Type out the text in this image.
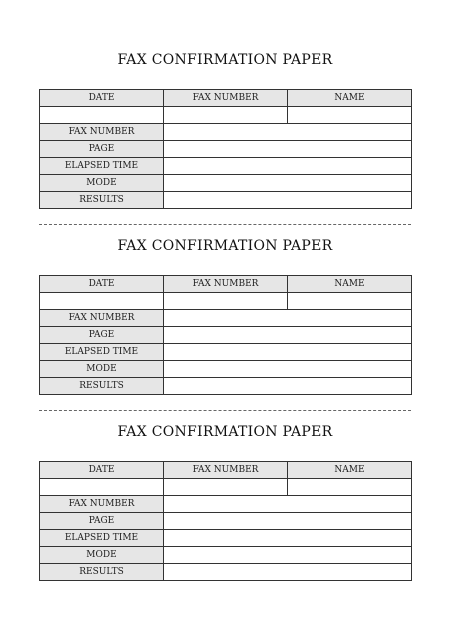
FAX CONFIRMATION PAPER
DATE	FAX NUMBER	NAME

FAX NUMBER		
PAGE		
ELAPSED TIME		
MODE		
RESULTS		
FAX CONFIRMATION PAPER
DATE	FAX NUMBER	NAME

FAX NUMBER		
PAGE		
ELAPSED TIME		
MODE		
RESULTS		
FAX CONFIRMATION PAPER
DATE	FAX NUMBER	NAME

FAX NUMBER		
PAGE		
ELAPSED TIME		
MODE		
RESULTS		
